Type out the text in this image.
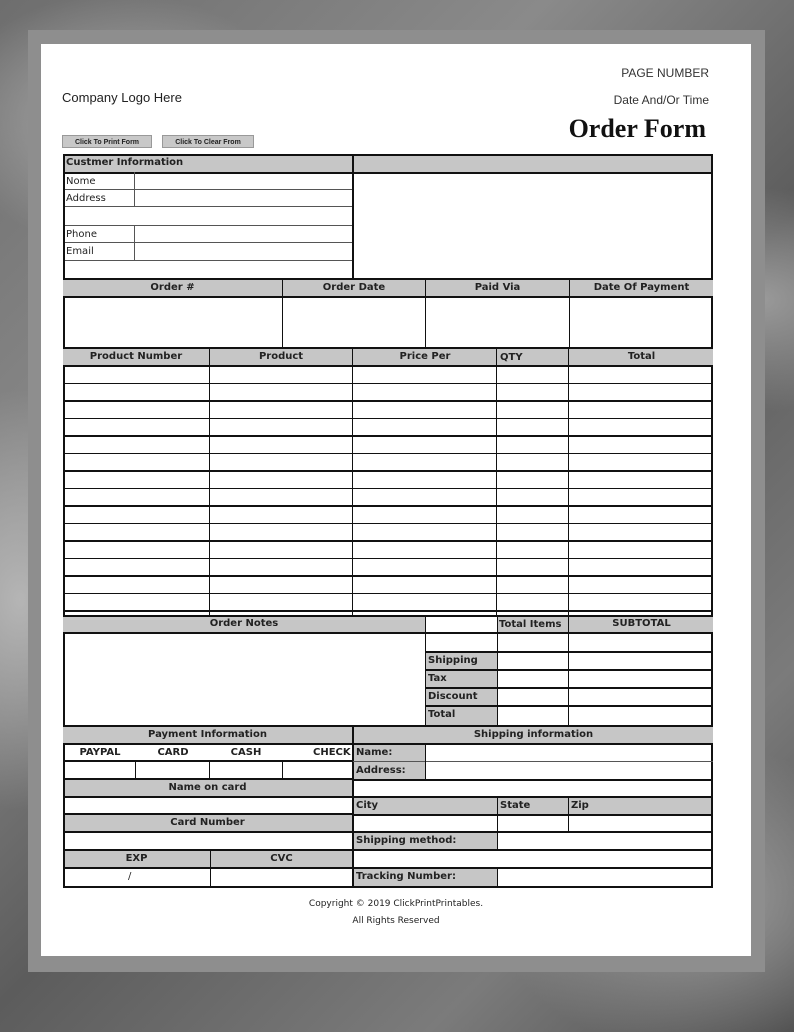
Company Logo Here
PAGE NUMBER
Date And/Or Time
Order Form
Click To Print Form	Click To Clear From
Custmer Information
Nome
Address
Phone
Email
Order #	Order Date	Paid Via	Date Of Payment
Product Number	Product	Price Per	QTY	Total
Order Notes	Total Items	SUBTOTAL
Shipping
Tax
Discount
Total
Payment Information	Shipping information
PAYPAL	CARD	CASH	CHECK
Name on card
Card Number
EXP	CVC
/
Name:
Address:
City	State	Zip
Shipping method:
Tracking Number:
Copyright © 2019 ClickPrintPrintables.
All Rights Reserved
